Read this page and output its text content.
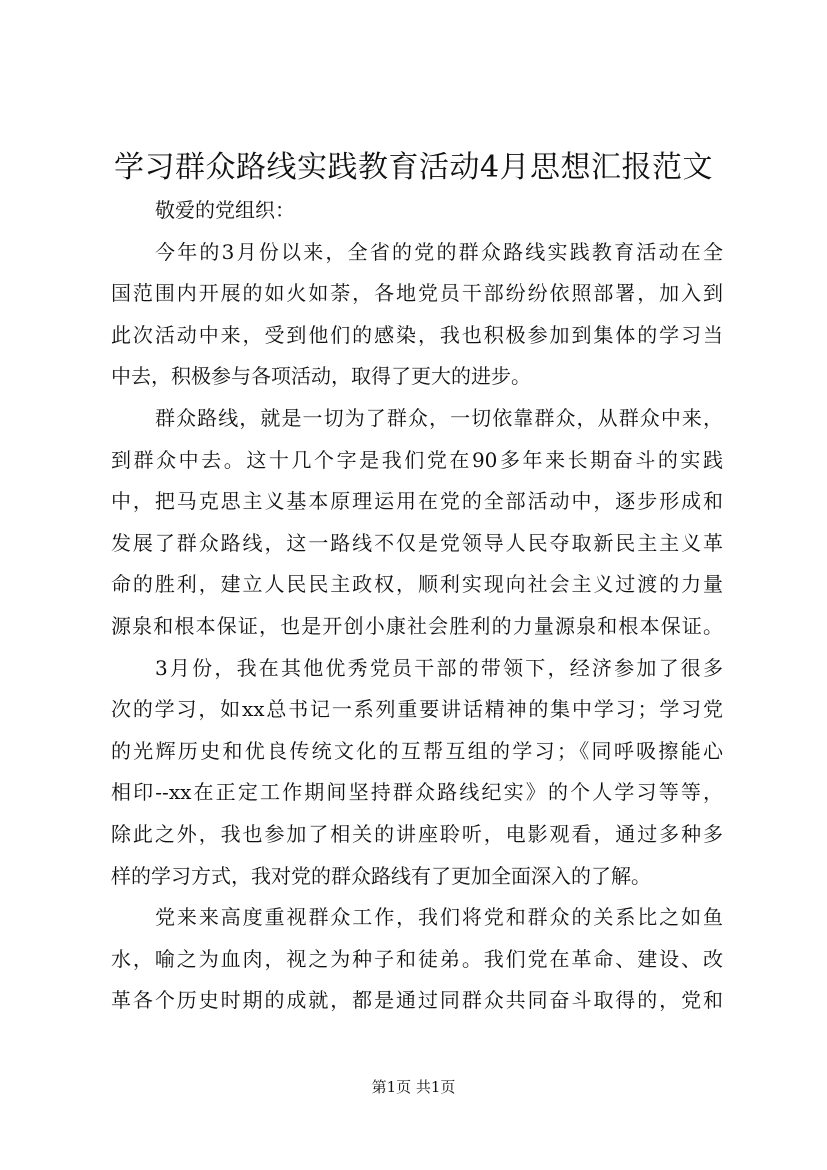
学习群众路线实践教育活动4月思想汇报范文
敬爱的党组织：
今年的3月份以来，全省的党的群众路线实践教育活动在全
国范围内开展的如火如荼，各地党员干部纷纷依照部署，加入到
此次活动中来，受到他们的感染，我也积极参加到集体的学习当
中去，积极参与各项活动，取得了更大的进步。
群众路线，就是一切为了群众，一切依靠群众，从群众中来，
到群众中去。这十几个字是我们党在90多年来长期奋斗的实践
中，把马克思主义基本原理运用在党的全部活动中，逐步形成和
发展了群众路线，这一路线不仅是党领导人民夺取新民主主义革
命的胜利，建立人民民主政权，顺利实现向社会主义过渡的力量
源泉和根本保证，也是开创小康社会胜利的力量源泉和根本保证。
3月份，我在其他优秀党员干部的带领下，经济参加了很多
次的学习，如xx总书记一系列重要讲话精神的集中学习；学习党
的光辉历史和优良传统文化的互帮互组的学习；《同呼吸擦能心
相印--xx在正定工作期间坚持群众路线纪实》的个人学习等等，
除此之外，我也参加了相关的讲座聆听，电影观看，通过多种多
样的学习方式，我对党的群众路线有了更加全面深入的了解。
党来来高度重视群众工作，我们将党和群众的关系比之如鱼
水，喻之为血肉，视之为种子和徒弟。我们党在革命、建设、改
革各个历史时期的成就，都是通过同群众共同奋斗取得的，党和
第1页 共1页
